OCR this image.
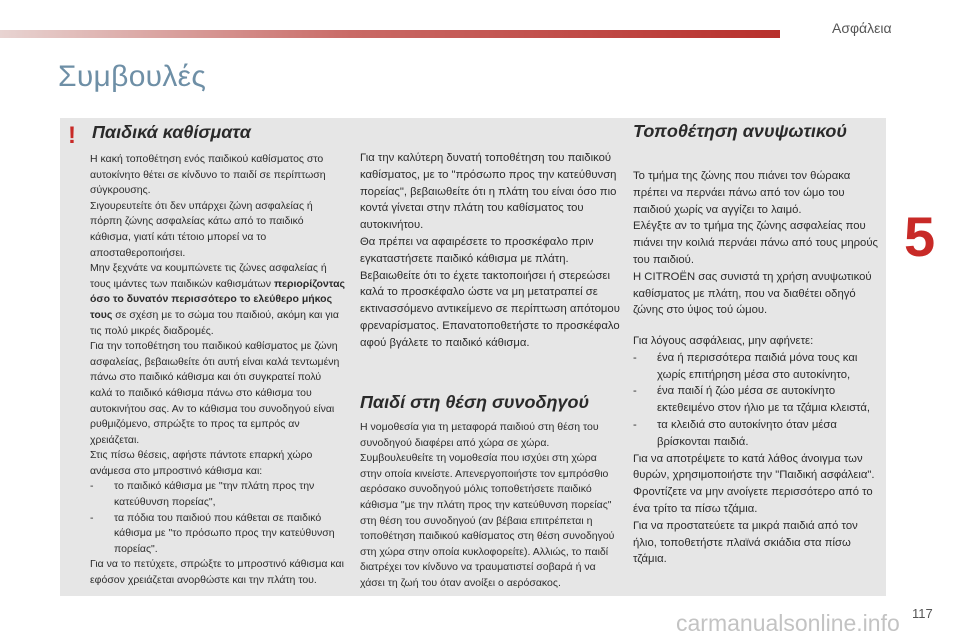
Ασφάλεια
Συμβουλές
5
! Παιδικά καθίσματα

Η κακή τοποθέτηση ενός παιδικού καθίσματος στο αυτοκίνητο θέτει σε κίνδυνο το παιδί σε περίπτωση σύγκρουσης.

Σιγουρευτείτε ότι δεν υπάρχει ζώνη ασφαλείας ή πόρπη ζώνης ασφαλείας κάτω από το παιδικό κάθισμα, γιατί κάτι τέτοιο μπορεί να το αποσταθεροποιήσει.

Μην ξεχνάτε να κουμπώνετε τις ζώνες ασφαλείας ή τους ιμάντες των παιδικών καθισμάτων περιορίζοντας όσο το δυνατόν περισσότερο το ελεύθερο μήκος τους σε σχέση με το σώμα του παιδιού, ακόμη και για τις πολύ μικρές διαδρομές.

Για την τοποθέτηση του παιδικού καθίσματος με ζώνη ασφαλείας, βεβαιωθείτε ότι αυτή είναι καλά τεντωμένη πάνω στο παιδικό κάθισμα και ότι συγκρατεί πολύ καλά το παιδικό κάθισμα πάνω στο κάθισμα του αυτοκινήτου σας. Αν το κάθισμα του συνοδηγού είναι ρυθμιζόμενο, σπρώξτε το προς τα εμπρός αν χρειάζεται.

Στις πίσω θέσεις, αφήστε πάντοτε επαρκή χώρο ανάμεσα στο μπροστινό κάθισμα και:

- το παιδικό κάθισμα με "την πλάτη προς την κατεύθυνση πορείας",

- τα πόδια του παιδιού που κάθεται σε παιδικό κάθισμα με "το πρόσωπο προς την κατεύθυνση πορείας".

Για να το πετύχετε, σπρώξτε το μπροστινό κάθισμα και εφόσον χρειάζεται ανορθώστε και την πλάτη του.

Για την καλύτερη δυνατή τοποθέτηση του παιδικού καθίσματος, με το "πρόσωπο προς την κατεύθυνση πορείας", βεβαιωθείτε ότι η πλάτη του είναι όσο πιο κοντά γίνεται στην πλάτη του καθίσματος του αυτοκινήτου.

Θα πρέπει να αφαιρέσετε το προσκέφαλο πριν εγκαταστήσετε παιδικό κάθισμα με πλάτη. Βεβαιωθείτε ότι το έχετε τακτοποιήσει ή στερεώσει καλά το προσκέφαλο ώστε να μη μετατραπεί σε εκτινασσόμενο αντικείμενο σε περίπτωση απότομου φρεναρίσματος. Επανατοποθετήστε το προσκέφαλο αφού βγάλετε το παιδικό κάθισμα.

Παιδί στη θέση συνοδηγού

Η νομοθεσία για τη μεταφορά παιδιού στη θέση του συνοδηγού διαφέρει από χώρα σε χώρα. Συμβουλευθείτε τη νομοθεσία που ισχύει στη χώρα στην οποία κινείστε. Απενεργοποιήστε τον εμπρόσθιο αερόσακο συνοδηγού μόλις τοποθετήσετε παιδικό κάθισμα "με την πλάτη προς την κατεύθυνση πορείας" στη θέση του συνοδηγού (αν βέβαια επιτρέπεται η τοποθέτηση παιδικού καθίσματος στη θέση συνοδηγού στη χώρα στην οποία κυκλοφορείτε). Αλλιώς, το παιδί διατρέχει τον κίνδυνο να τραυματιστεί σοβαρά ή να χάσει τη ζωή του όταν ανοίξει ο αερόσακος.

Τοποθέτηση ανυψωτικού

Το τμήμα της ζώνης που πιάνει τον θώρακα πρέπει να περνάει πάνω από τον ώμο του παιδιού χωρίς να αγγίζει το λαιμό.

Ελέγξτε αν το τμήμα της ζώνης ασφαλείας που πιάνει την κοιλιά περνάει πάνω από τους μηρούς του παιδιού.

Η CITROËN σας συνιστά τη χρήση ανυψωτικού καθίσματος με πλάτη, που να διαθέτει οδηγό ζώνης στο ύψος τού ώμου.

Για λόγους ασφάλειας, μην αφήνετε:

- ένα ή περισσότερα παιδιά μόνα τους και χωρίς επιτήρηση μέσα στο αυτοκίνητο,

- ένα παιδί ή ζώο μέσα σε αυτοκίνητο εκτεθειμένο στον ήλιο με τα τζάμια κλειστά,

- τα κλειδιά στο αυτοκίνητο όταν μέσα βρίσκονται παιδιά.

Για να αποτρέψετε το κατά λάθος άνοιγμα των θυρών, χρησιμοποιήστε την "Παιδική ασφάλεια".

Φροντίζετε να μην ανοίγετε περισσότερο από το ένα τρίτο τα πίσω τζάμια.

Για να προστατεύετε τα μικρά παιδιά από τον ήλιο, τοποθετήστε πλαϊνά σκιάδια στα πίσω τζάμια.

carmanualsonline.info 117
